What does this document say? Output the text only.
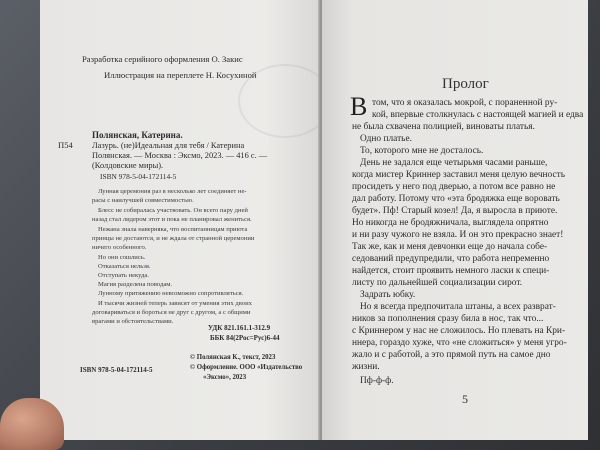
Разработка серийного оформления О. Закис
Иллюстрация на переплете Н. Косухиной
П54
Полянская, Катерина.
Лазурь. (не)Идеальная для тебя / Катерина
Полянская. — Москва : Эксмо, 2023. — 416 с. —
(Колдовские миры).
ISBN 978-5-04-172114-5
Лунная церемония раз в несколько лет соединяет не-
расы с наилучшей совместимостью.
Блесс не собиралась участвовать. Он всего пару дней
назад стал лидером этот и пока не планировал жениться.
Нежана знала наверняка, что воспитанницам приюта
принцы не достаются, и не ждала от странной церемонии
ничего особенного.
Но они сошлись.
Отказаться нельзя.
Отступать некуда.
Магия разделена поводам.
Лунному притяжению невозможно сопротивляться.
И тысячи жизней теперь зависят от умения этих двоих
договариваться и бороться не друг с другом, а с общими
врагами и обстоятельствами.
УДК 821.161.1-312.9
ББК 84(2Рос=Рус)6-44
ISBN 978-5-04-172114-5
© Полянская К., текст, 2023
© Оформление. ООО «Издательство
«Эксмо», 2023
Пролог
В том, что я оказалась мокрой, с пораненной ру-
кой, впервые столкнулась с настоящей магией и едва
не была схвачена полицией, виноваты платья.
Одно платье.
То, которого мне не досталось.
День не задался еще четырьмя часами раньше,
когда мистер Криннер заставил меня целую вечность
просидеть у него под дверью, а потом все равно не
дал работу. Потому что «эта бродяжка еще воровать
будет». Пф! Старый козел! Да, я выросла в приюте.
Но никогда не бродяжничала, выглядела опрятно
и ни разу чужого не взяла. И он это прекрасно знает!
Так же, как и меня девчонки еще до начала собе-
седований предупредили, что работа непременно
найдется, стоит проявить немного ласки к специ-
листу по дальнейшей социализации сирот.
Задрать юбку.
Но я всегда предпочитала штаны, а всех разврат-
ников за пополнения сразу била в нос, так что...
с Криннером у нас не сложилось. Но плевать на Кри-
ннера, гораздо хуже, что «не сложиться» у меня угро-
жало и с работой, а это прямой путь на самое дно
жизни.
Пф-ф-ф.
5
